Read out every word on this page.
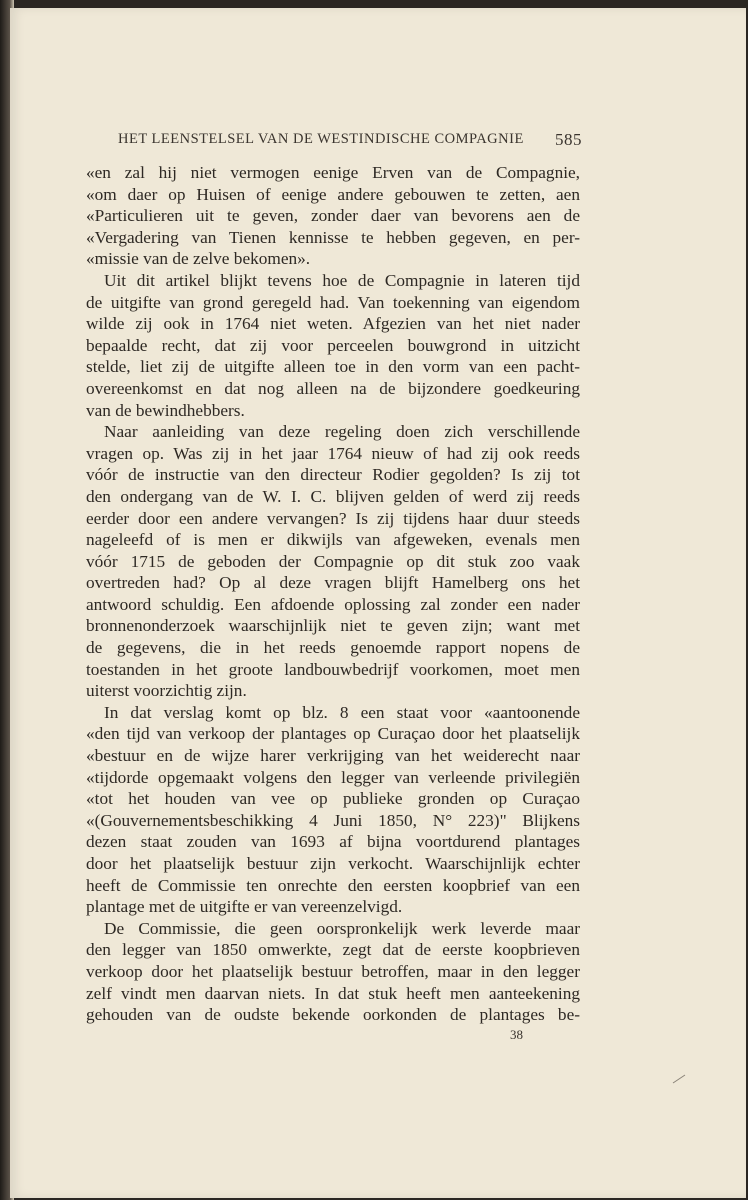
HET LEENSTELSEL VAN DE WESTINDISCHE COMPAGNIE 585
«en zal hij niet vermogen eenige Erven van de Compagnie,
«om daer op Huisen of eenige andere gebouwen te zetten, aen
«Particulieren uit te geven, zonder daer van bevorens aen de
«Vergadering van Tienen kennisse te hebben gegeven, en per-
«missie van de zelve bekomen».
Uit dit artikel blijkt tevens hoe de Compagnie in lateren tijd
de uitgifte van grond geregeld had. Van toekenning van eigendom
wilde zij ook in 1764 niet weten. Afgezien van het niet nader
bepaalde recht, dat zij voor perceelen bouwgrond in uitzicht
stelde, liet zij de uitgifte alleen toe in den vorm van een pacht-
overeenkomst en dat nog alleen na de bijzondere goedkeuring
van de bewindhebbers.
Naar aanleiding van deze regeling doen zich verschillende
vragen op. Was zij in het jaar 1764 nieuw of had zij ook reeds
vóór de instructie van den directeur Rodier gegolden? Is zij tot
den ondergang van de W. I. C. blijven gelden of werd zij reeds
eerder door een andere vervangen? Is zij tijdens haar duur steeds
nageleefd of is men er dikwijls van afgeweken, evenals men
vóór 1715 de geboden der Compagnie op dit stuk zoo vaak
overtreden had? Op al deze vragen blijft Hamelberg ons het
antwoord schuldig. Een afdoende oplossing zal zonder een nader
bronnenonderzoek waarschijnlijk niet te geven zijn; want met
de gegevens, die in het reeds genoemde rapport nopens de
toestanden in het groote landbouwbedrijf voorkomen, moet men
uiterst voorzichtig zijn.
In dat verslag komt op blz. 8 een staat voor «aantoonende
«den tijd van verkoop der plantages op Curaçao door het plaatselijk
«bestuur en de wijze harer verkrijging van het weiderecht naar
«tijdorde opgemaakt volgens den legger van verleende privilegiën
«tot het houden van vee op publieke gronden op Curaçao
«(Gouvernementsbeschikking 4 Juni 1850, N° 223)" Blijkens
dezen staat zouden van 1693 af bijna voortdurend plantages
door het plaatselijk bestuur zijn verkocht. Waarschijnlijk echter
heeft de Commissie ten onrechte den eersten koopbrief van een
plantage met de uitgifte er van vereenzelvigd.
De Commissie, die geen oorspronkelijk werk leverde maar
den legger van 1850 omwerkte, zegt dat de eerste koopbrieven
verkoop door het plaatselijk bestuur betroffen, maar in den legger
zelf vindt men daarvan niets. In dat stuk heeft men aanteekening
gehouden van de oudste bekende oorkonden de plantages be-
38
